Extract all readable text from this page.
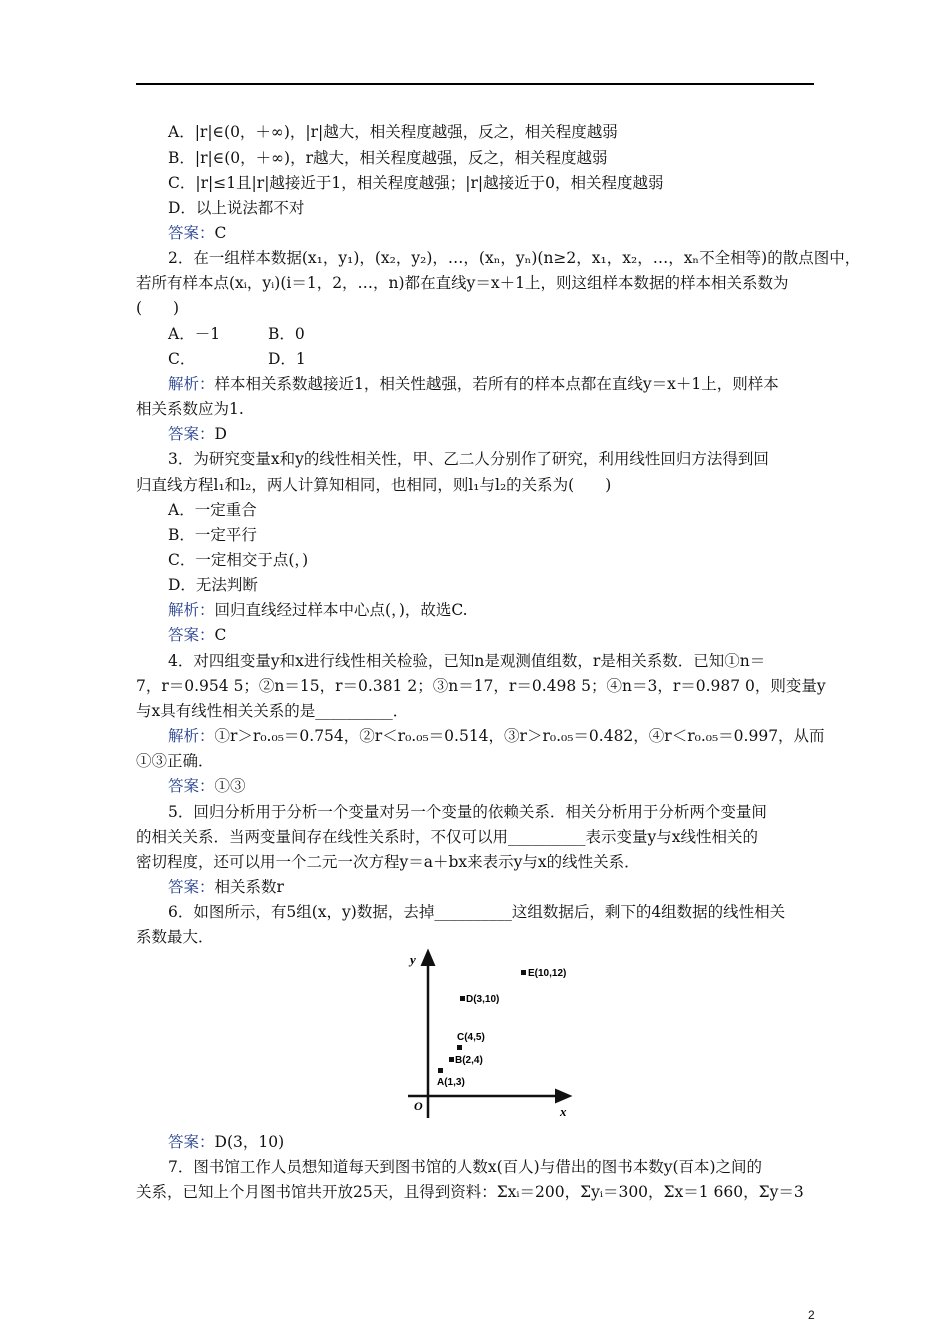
A．|r|∈(0，＋∞)，|r|越大，相关程度越强，反之，相关程度越弱
B．|r|∈(0，＋∞)，r越大，相关程度越强，反之，相关程度越弱
C．|r|≤1且|r|越接近于1，相关程度越强；|r|越接近于0，相关程度越弱
D．以上说法都不对
答案：C
2．在一组样本数据(x₁，y₁)，(x₂，y₂)，…，(xₙ，yₙ)(n≥2，x₁，x₂，…，xₙ不全相等)的散点图中，
若所有样本点(xᵢ，yᵢ)(i＝1，2，…，n)都在直线y＝x＋1上，则这组样本数据的样本相关系数为
(　　)
A．－1	B．0
C．	D．1
解析：样本相关系数越接近1，相关性越强，若所有的样本点都在直线y＝x＋1上，则样本
相关系数应为1.
答案：D
3．为研究变量x和y的线性相关性，甲、乙二人分别作了研究，利用线性回归方法得到回
归直线方程l₁和l₂，两人计算知相同，也相同，则l₁与l₂的关系为(　　)
A．一定重合
B．一定平行
C．一定相交于点(，)
D．无法判断
解析：回归直线经过样本中心点(，)，故选C.
答案：C
4．对四组变量y和x进行线性相关检验，已知n是观测值组数，r是相关系数．已知①n＝
7，r＝0.954 5；②n＝15，r＝0.381 2；③n＝17，r＝0.498 5；④n＝3，r＝0.987 0，则变量y
与x具有线性相关关系的是__________．
解析：①r＞r₀.₀₅＝0.754，②r＜r₀.₀₅＝0.514，③r＞r₀.₀₅＝0.482，④r＜r₀.₀₅＝0.997，从而
①③正确．
答案：①③
5．回归分析用于分析一个变量对另一个变量的依赖关系．相关分析用于分析两个变量间
的相关关系．当两变量间存在线性关系时，不仅可以用__________表示变量y与x线性相关的
密切程度，还可以用一个二元一次方程y＝a＋bx来表示y与x的线性关系．
答案：相关系数r
6．如图所示，有5组(x，y)数据，去掉__________这组数据后，剩下的4组数据的线性相关
系数最大．
y
x
O
E(10,12)
D(3,10)
C(4,5)
B(2,4)
A(1,3)
答案：D(3，10)
7．图书馆工作人员想知道每天到图书馆的人数x(百人)与借出的图书本数y(百本)之间的
关系，已知上个月图书馆共开放25天，且得到资料：Σxᵢ＝200，Σyᵢ＝300，Σx＝1 660，Σy＝3
2
